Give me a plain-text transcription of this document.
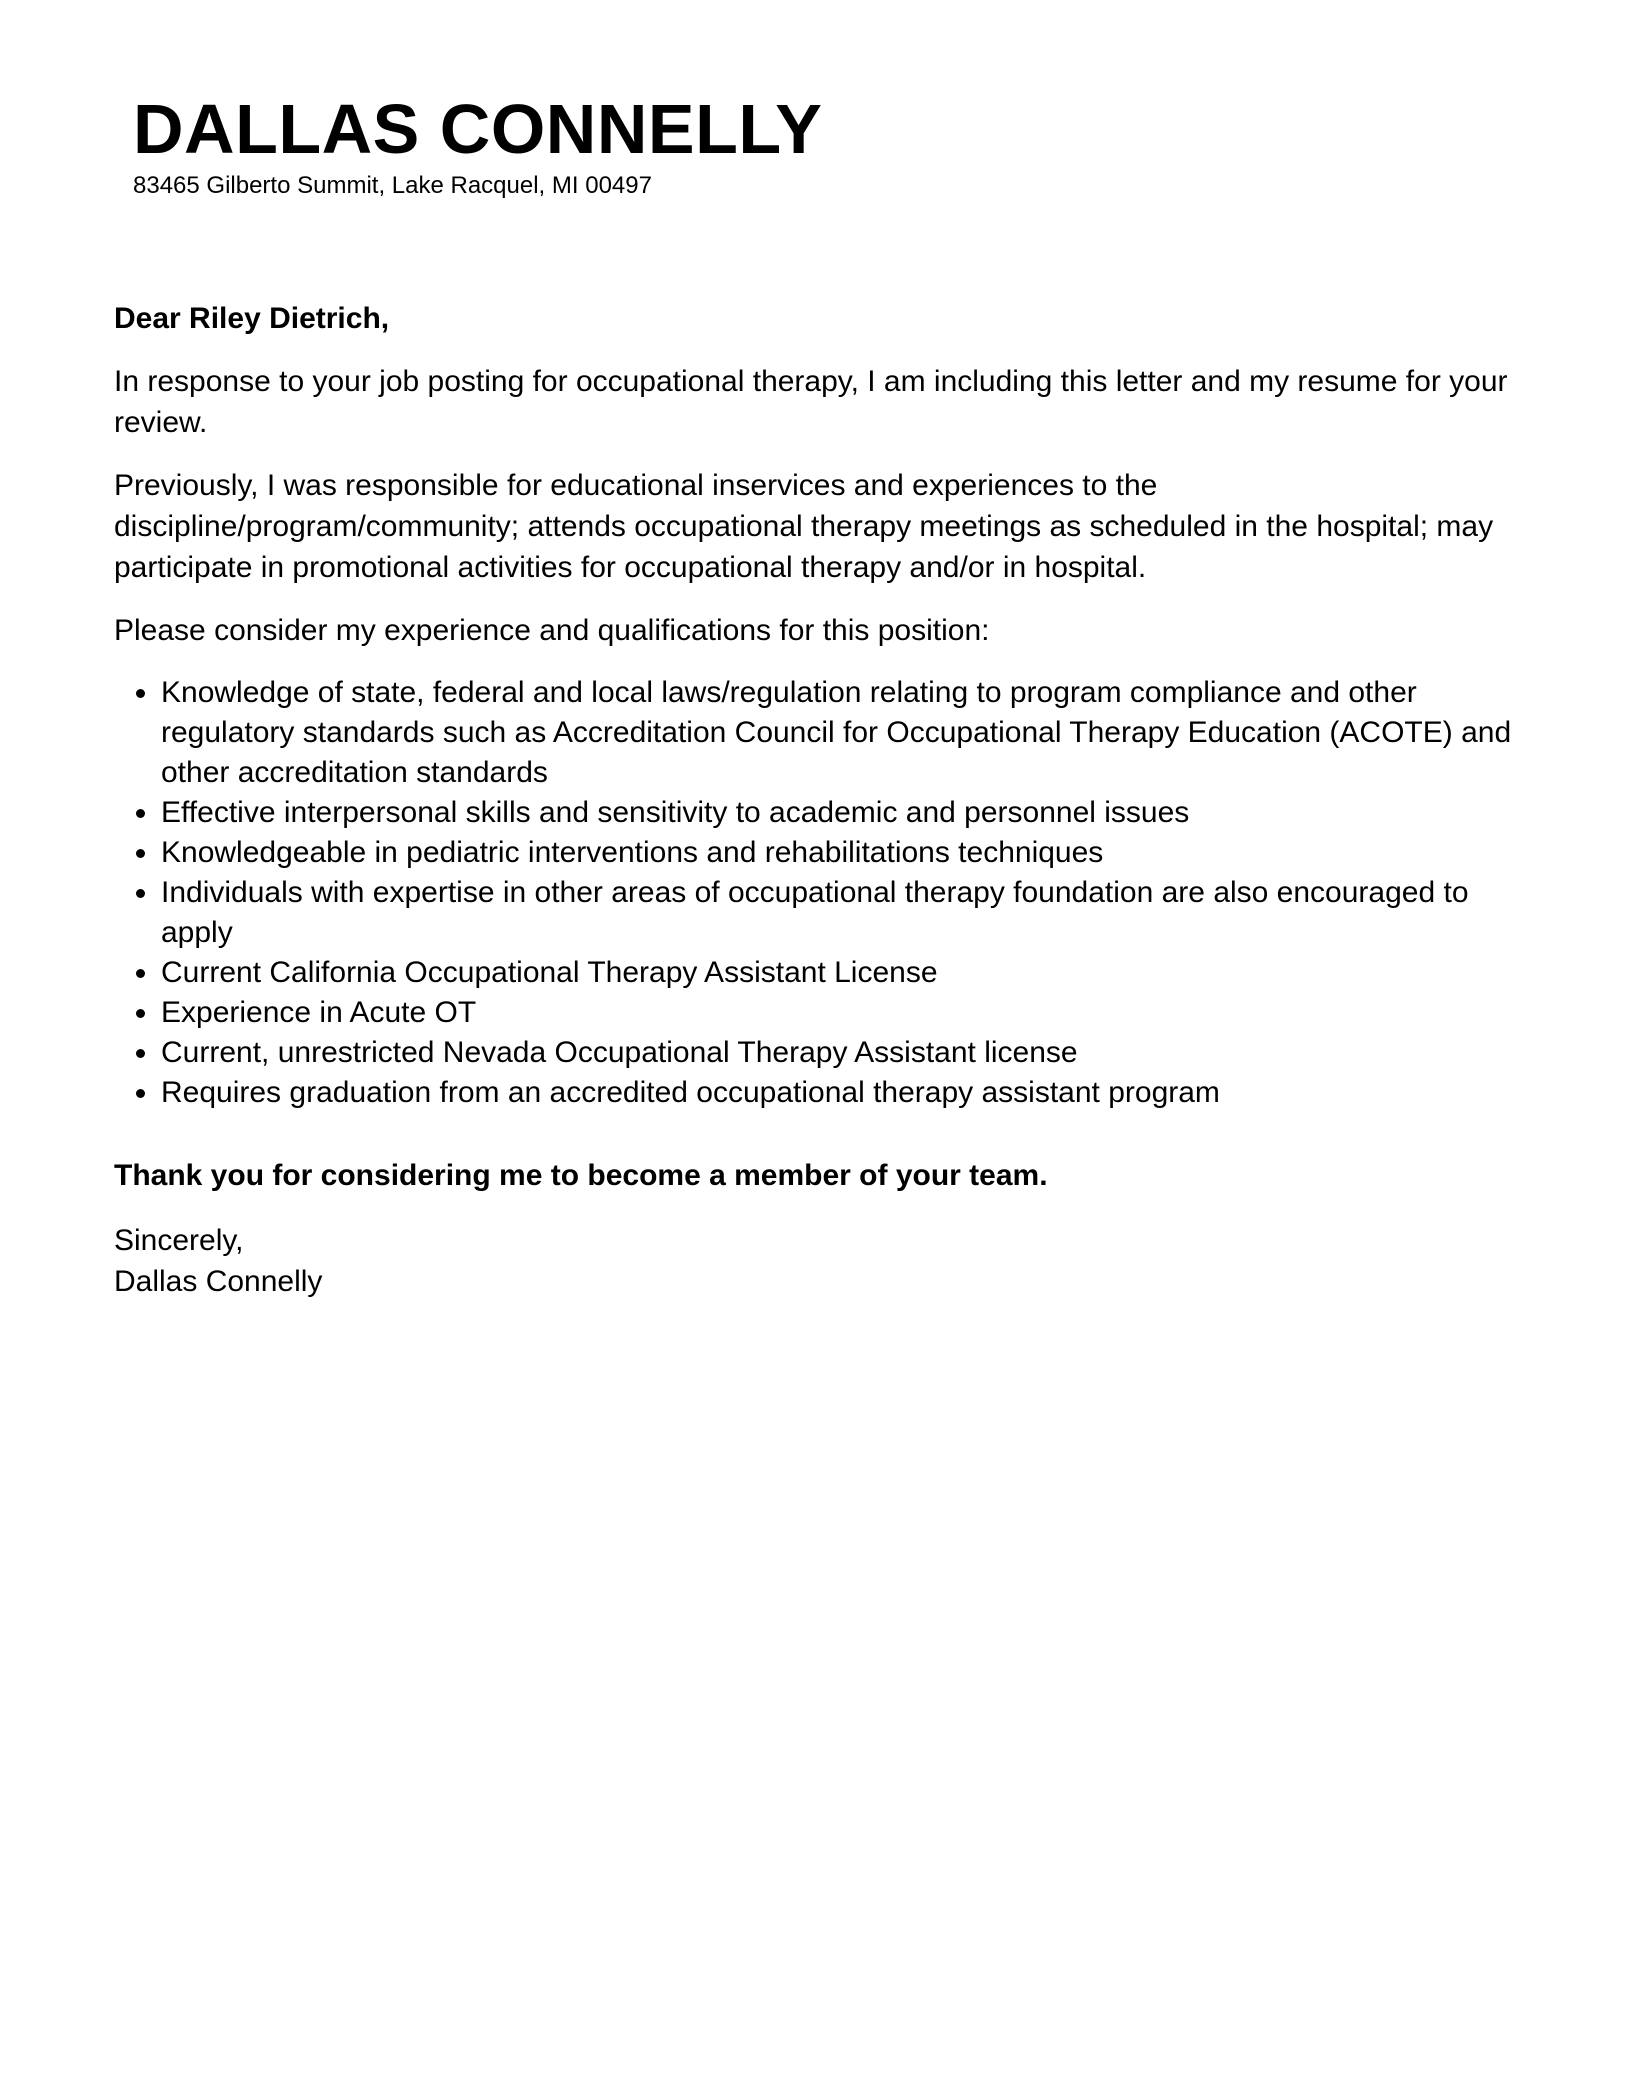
DALLAS CONNELLY
83465 Gilberto Summit, Lake Racquel, MI 00497

Dear Riley Dietrich,

In response to your job posting for occupational therapy, I am including this letter and my resume for your review.

Previously, I was responsible for educational inservices and experiences to the discipline/program/community; attends occupational therapy meetings as scheduled in the hospital; may participate in promotional activities for occupational therapy and/or in hospital.

Please consider my experience and qualifications for this position:

Knowledge of state, federal and local laws/regulation relating to program compliance and other regulatory standards such as Accreditation Council for Occupational Therapy Education (ACOTE) and other accreditation standards
Effective interpersonal skills and sensitivity to academic and personnel issues
Knowledgeable in pediatric interventions and rehabilitations techniques
Individuals with expertise in other areas of occupational therapy foundation are also encouraged to apply
Current California Occupational Therapy Assistant License
Experience in Acute OT
Current, unrestricted Nevada Occupational Therapy Assistant license
Requires graduation from an accredited occupational therapy assistant program

Thank you for considering me to become a member of your team.

Sincerely,

Dallas Connelly
